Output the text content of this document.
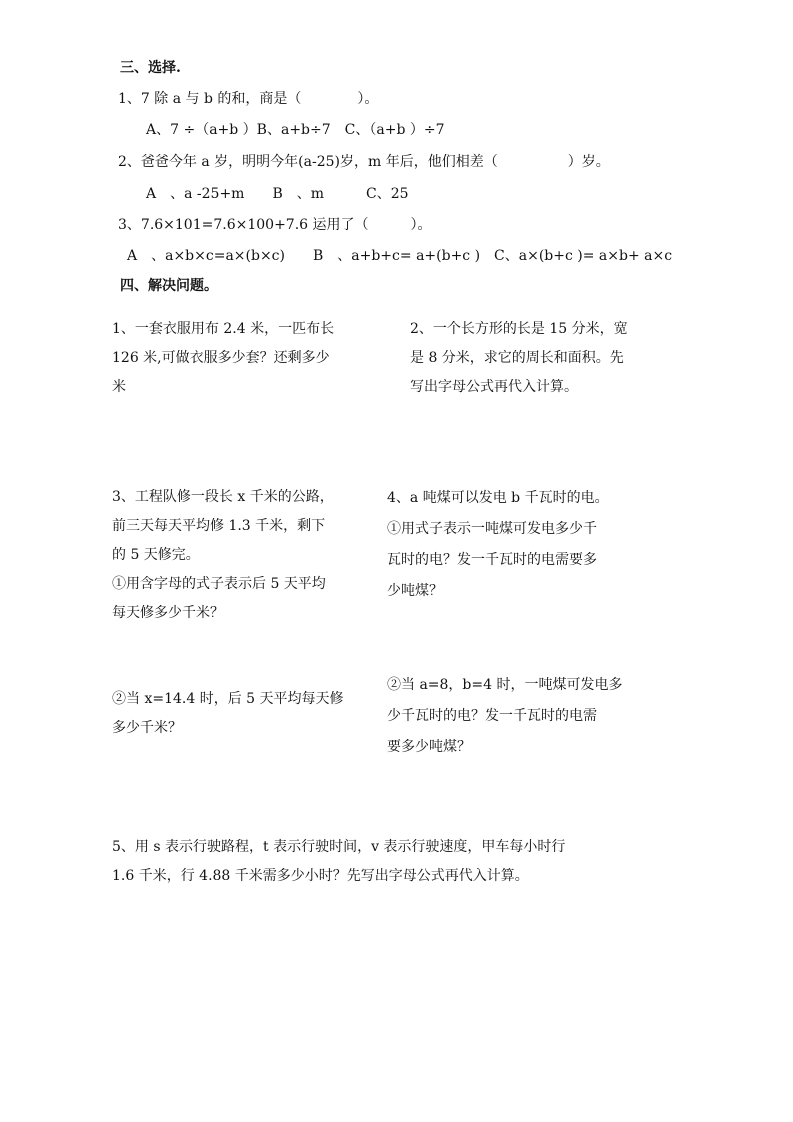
三、选择.
1、7 除 a 与 b 的和，商是（　　　　）。
A、7 ÷（a+b ）B、a+b÷7　C、（a+b ）÷7
2、爸爸今年 a 岁，明明今年(a-25)岁，m 年后，他们相差（　　　　　）岁。
A　、a -25+m　　B　、m　　　C、25
3、7.6×101=7.6×100+7.6 运用了（　　　）。
A　、a×b×c=a×(b×c)　　B　、a+b+c= a+(b+c )　C、a×(b+c )= a×b+ a×c
四、解决问题。
1、一套衣服用布 2.4 米，一匹布长
126 米,可做衣服多少套？还剩多少
米
2、一个长方形的长是 15 分米，宽
是 8 分米，求它的周长和面积。先
写出字母公式再代入计算。
3、工程队修一段长 x 千米的公路，
前三天每天平均修 1.3 千米，剩下
的 5 天修完。
①用含字母的式子表示后 5 天平均
每天修多少千米？
4、a 吨煤可以发电 b 千瓦时的电。
①用式子表示一吨煤可发电多少千
瓦时的电？发一千瓦时的电需要多
少吨煤？
②当 x=14.4 时，后 5 天平均每天修
多少千米？
②当 a=8，b=4 时，一吨煤可发电多
少千瓦时的电？发一千瓦时的电需
要多少吨煤？
5、用 s 表示行驶路程，t 表示行驶时间，v 表示行驶速度，甲车每小时行
1.6 千米，行 4.88 千米需多少小时？先写出字母公式再代入计算。
